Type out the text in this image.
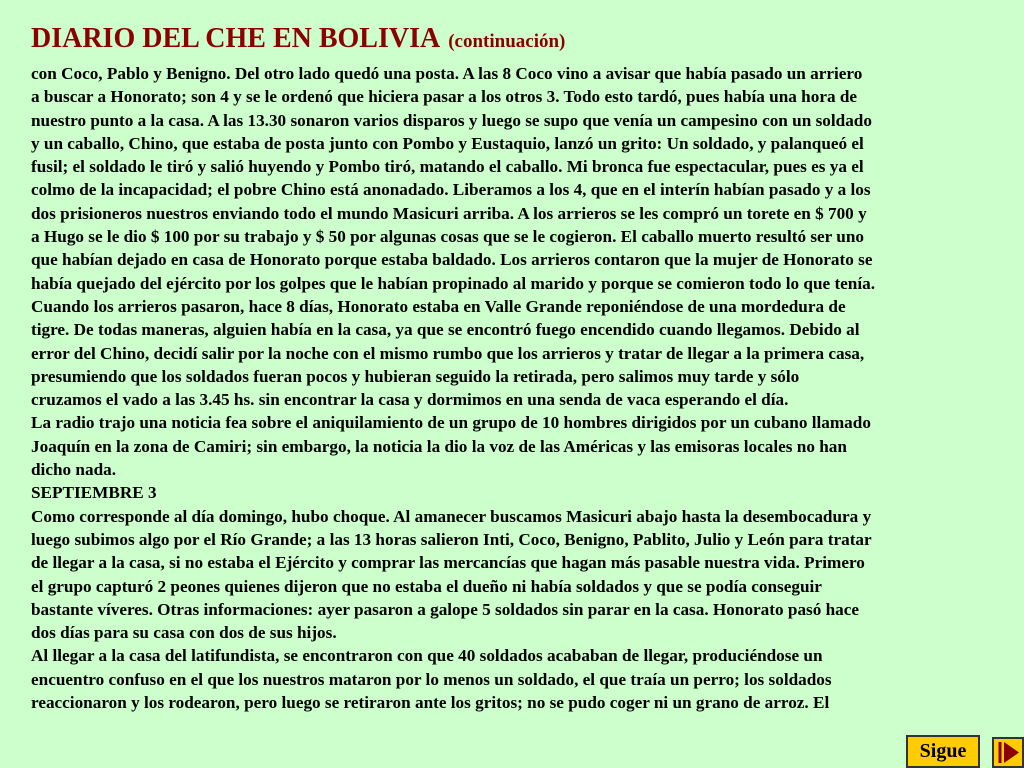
DIARIO DEL CHE EN BOLIVIA (continuación)

con Coco, Pablo y Benigno. Del otro lado quedó una posta. A las 8 Coco vino a avisar que había pasado un arriero

a buscar a Honorato; son 4 y se le ordenó que hiciera pasar a los otros 3. Todo esto tardó, pues había una hora de

nuestro punto a la casa. A las 13.30 sonaron varios disparos y luego se supo que venía un campesino con un soldado

y un caballo, Chino, que estaba de posta junto con Pombo y Eustaquio, lanzó un grito: Un soldado, y palanqueó el

fusil; el soldado le tiró y salió huyendo y Pombo tiró, matando el caballo. Mi bronca fue espectacular, pues es ya el

colmo de la incapacidad; el pobre Chino está anonadado. Liberamos a los 4, que en el interín habían pasado y a los

dos prisioneros nuestros enviando todo el mundo Masicuri arriba. A los arrieros se les compró un torete en $ 700 y

a Hugo se le dio $ 100 por su trabajo y $ 50 por algunas cosas que se le cogieron. El caballo muerto resultó ser uno

que habían dejado en casa de Honorato porque estaba baldado. Los arrieros contaron que la mujer de Honorato se

había quejado del ejército por los golpes que le habían propinado al marido y porque se comieron todo lo que tenía.

Cuando los arrieros pasaron, hace 8 días, Honorato estaba en Valle Grande reponiéndose de una mordedura de

tigre. De todas maneras, alguien había en la casa, ya que se encontró fuego encendido cuando llegamos. Debido al

error del Chino, decidí salir por la noche con el mismo rumbo que los arrieros y tratar de llegar a la primera casa,

presumiendo que los soldados fueran pocos y hubieran seguido la retirada, pero salimos muy tarde y sólo

cruzamos el vado a las 3.45 hs. sin encontrar la casa y dormimos en una senda de vaca esperando el día.

La radio trajo una noticia fea sobre el aniquilamiento de un grupo de 10 hombres dirigidos por un cubano llamado

Joaquín en la zona de Camiri; sin embargo, la noticia la dio la voz de las Américas y las emisoras locales no han

dicho nada.

SEPTIEMBRE 3

Como corresponde al día domingo, hubo choque. Al amanecer buscamos Masicuri abajo hasta la desembocadura y

luego subimos algo por el Río Grande; a las 13 horas salieron Inti, Coco, Benigno, Pablito, Julio y León para tratar

de llegar a la casa, si no estaba el Ejército y comprar las mercancías que hagan más pasable nuestra vida. Primero

el grupo capturó 2 peones quienes dijeron que no estaba el dueño ni había soldados y que se podía conseguir

bastante víveres. Otras informaciones: ayer pasaron a galope 5 soldados sin parar en la casa. Honorato pasó hace

dos días para su casa con dos de sus hijos.

Al llegar a la casa del latifundista, se encontraron con que 40 soldados acababan de llegar, produciéndose un

encuentro confuso en el que los nuestros mataron por lo menos un soldado, el que traía un perro; los soldados

reaccionaron y los rodearon, pero luego se retiraron ante los gritos; no se pudo coger ni un grano de arroz. El

Sigue
